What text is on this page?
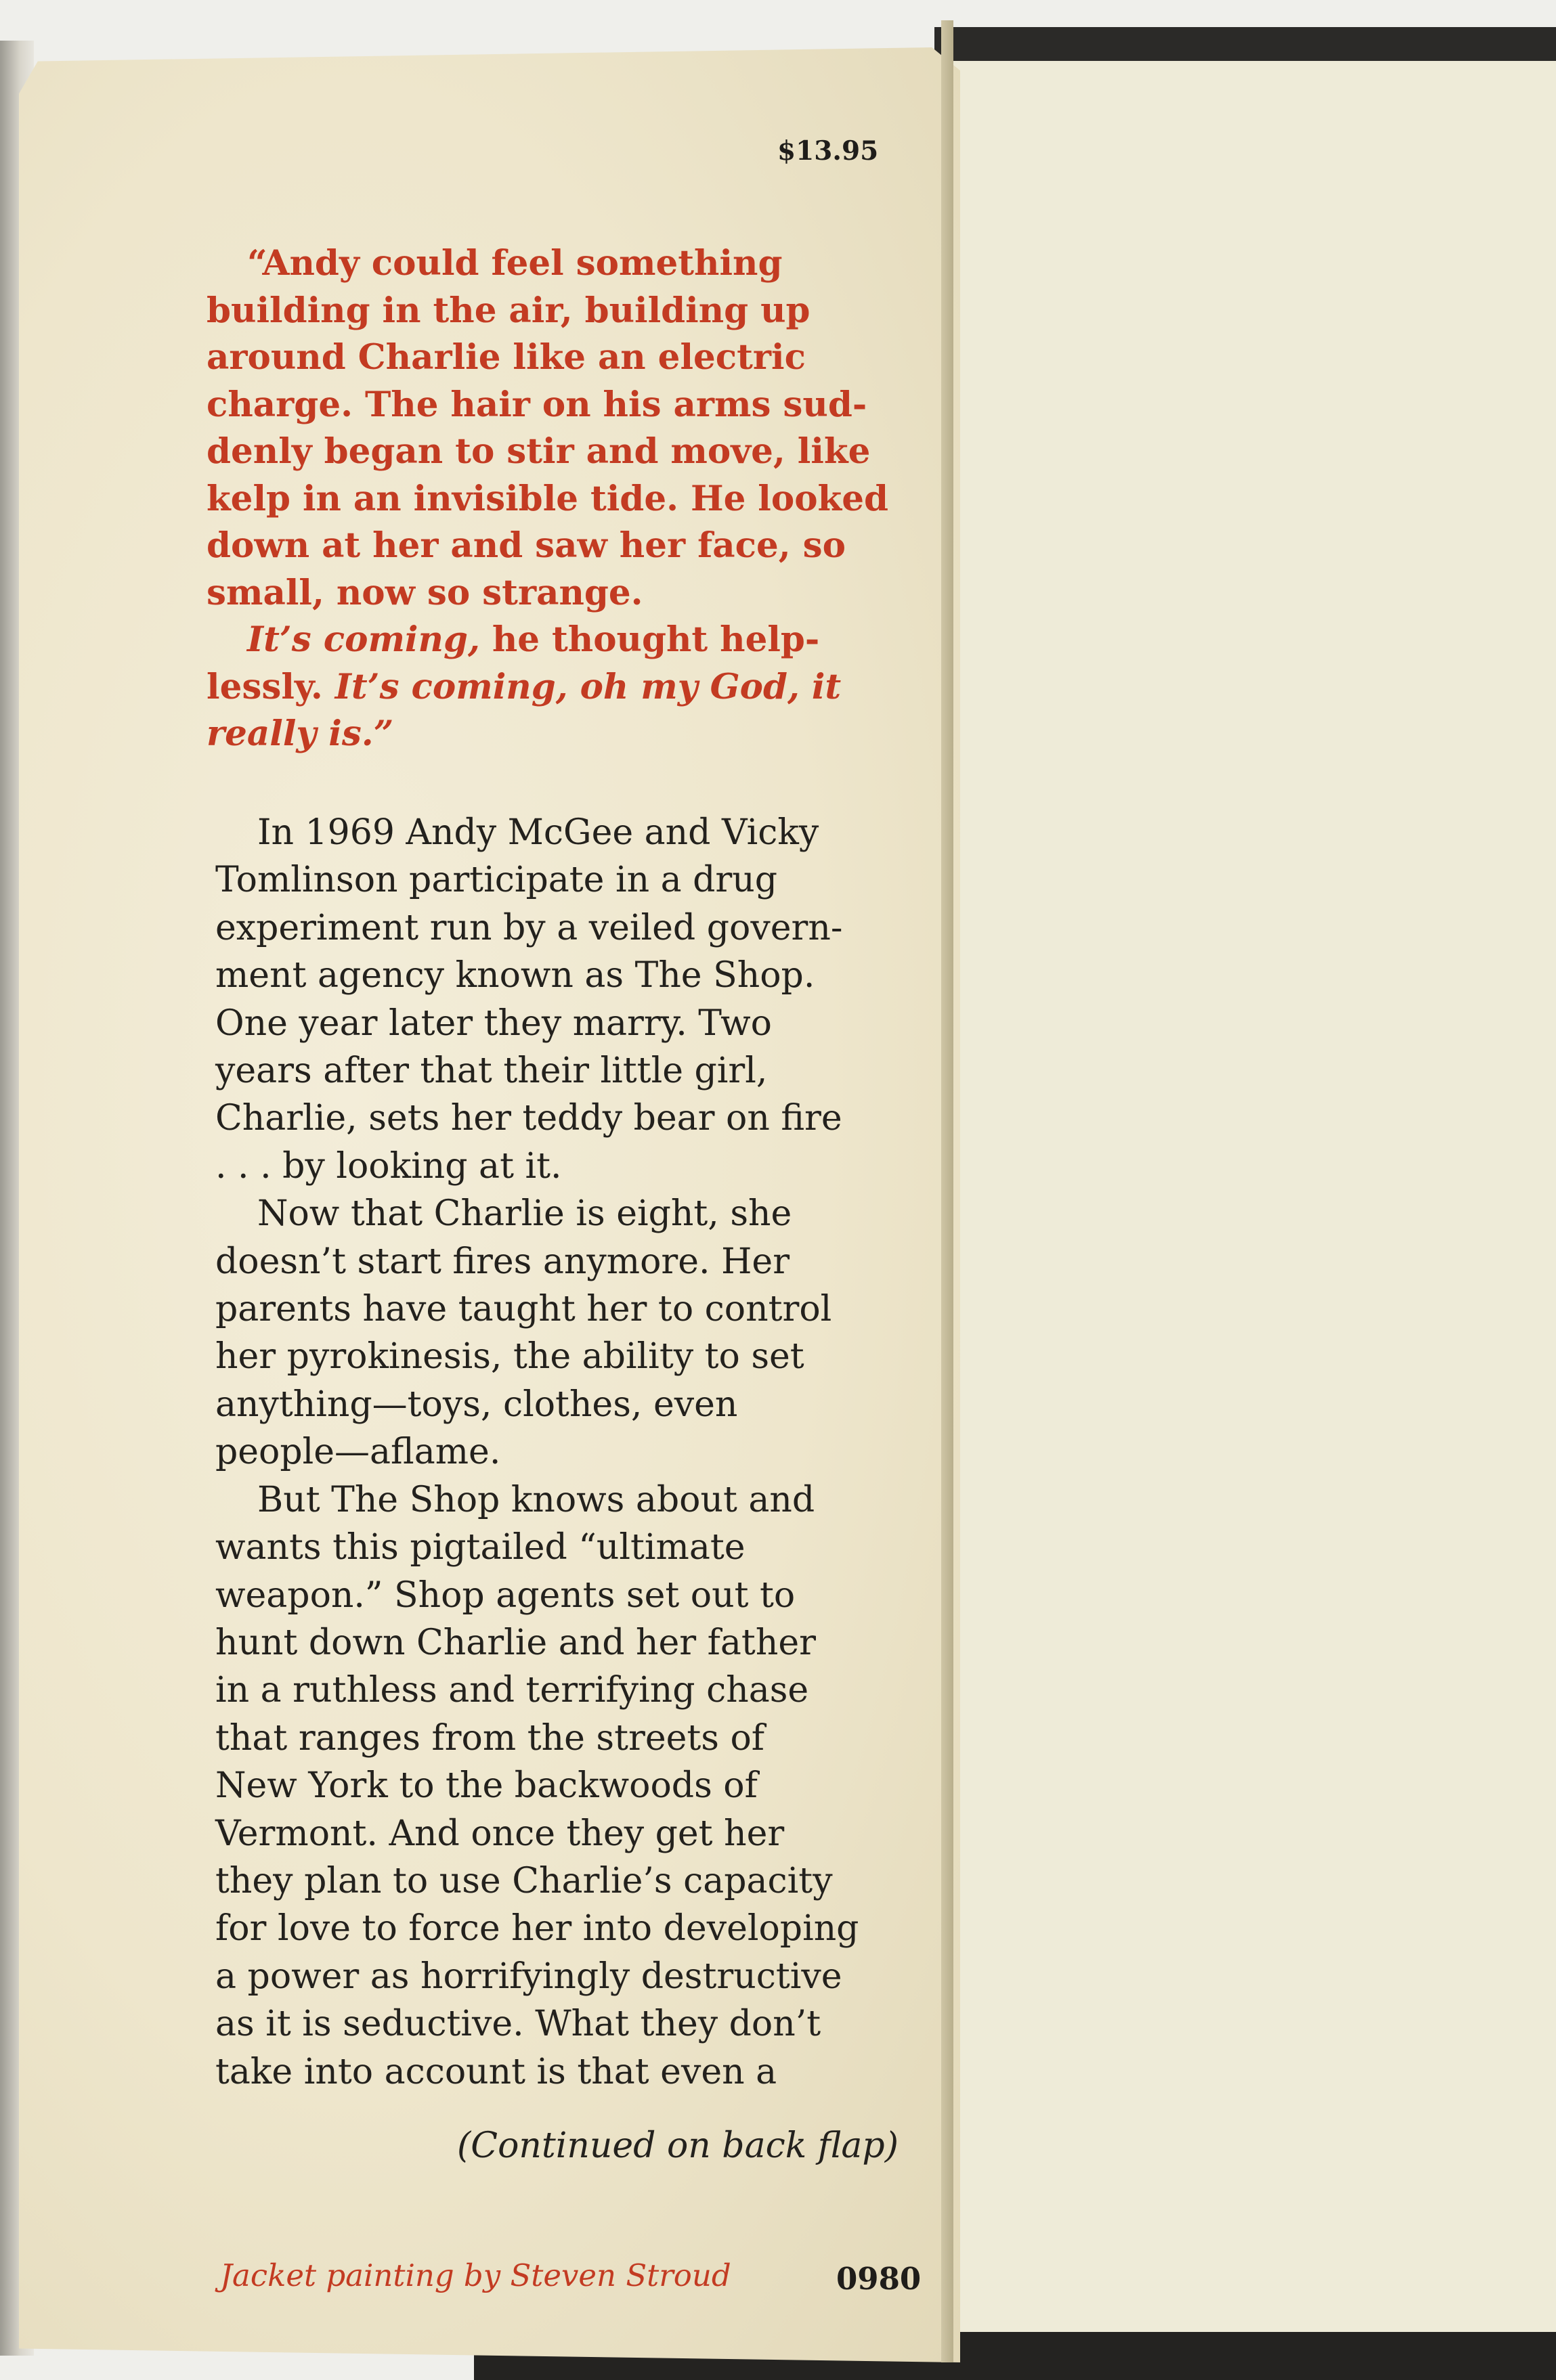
$13.95
“Andy could feel something
building in the air, building up
around Charlie like an electric
charge. The hair on his arms sud-
denly began to stir and move, like
kelp in an invisible tide. He looked
down at her and saw her face, so
small, now so strange.
It’s coming, he thought help-
lessly. It’s coming, oh my God, it
really is.”
In 1969 Andy McGee and Vicky
Tomlinson participate in a drug
experiment run by a veiled govern-
ment agency known as The Shop.
One year later they marry. Two
years after that their little girl,
Charlie, sets her teddy bear on fire
. . . by looking at it.
Now that Charlie is eight, she
doesn’t start fires anymore. Her
parents have taught her to control
her pyrokinesis, the ability to set
anything—toys, clothes, even
people—aflame.
But The Shop knows about and
wants this pigtailed “ultimate
weapon.” Shop agents set out to
hunt down Charlie and her father
in a ruthless and terrifying chase
that ranges from the streets of
New York to the backwoods of
Vermont. And once they get her
they plan to use Charlie’s capacity
for love to force her into developing
a power as horrifyingly destructive
as it is seductive. What they don’t
take into account is that even a
(Continued on back flap)
Jacket painting by Steven Stroud	0980
